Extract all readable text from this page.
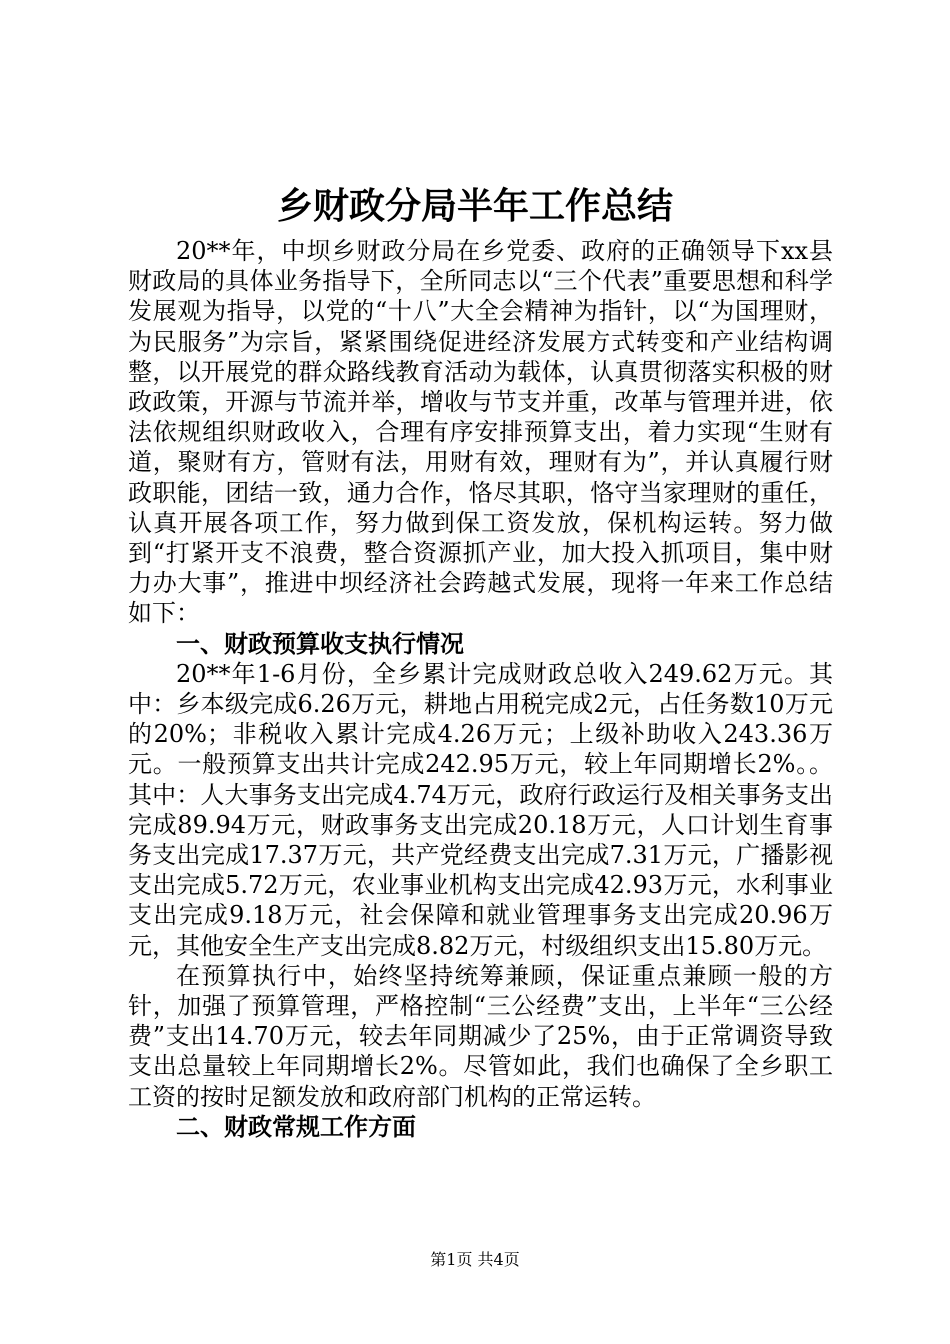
乡财政分局半年工作总结

20**年，中坝乡财政分局在乡党委、政府的正确领导下xx县财政局的具体业务指导下，全所同志以“三个代表”重要思想和科学发展观为指导，以党的“十八”大全会精神为指针，以“为国理财，为民服务”为宗旨，紧紧围绕促进经济发展方式转变和产业结构调整，以开展党的群众路线教育活动为载体，认真贯彻落实积极的财政政策，开源与节流并举，增收与节支并重，改革与管理并进，依法依规组织财政收入，合理有序安排预算支出，着力实现“生财有道，聚财有方，管财有法，用财有效，理财有为”，并认真履行财政职能，团结一致，通力合作，恪尽其职，恪守当家理财的重任，认真开展各项工作，努力做到保工资发放，保机构运转。努力做到“打紧开支不浪费，整合资源抓产业，加大投入抓项目，集中财力办大事”，推进中坝经济社会跨越式发展，现将一年来工作总结如下：

一、财政预算收支执行情况

20**年1-6月份，全乡累计完成财政总收入249.62万元。其中：乡本级完成6.26万元，耕地占用税完成2元，占任务数10万元的20%；非税收入累计完成4.26万元；上级补助收入243.36万元。一般预算支出共计完成242.95万元，较上年同期增长2%。。其中：人大事务支出完成4.74万元，政府行政运行及相关事务支出完成89.94万元，财政事务支出完成20.18万元，人口计划生育事务支出完成17.37万元，共产党经费支出完成7.31万元，广播影视支出完成5.72万元，农业事业机构支出完成42.93万元，水利事业支出完成9.18万元，社会保障和就业管理事务支出完成20.96万元，其他安全生产支出完成8.82万元，村级组织支出15.80万元。

在预算执行中，始终坚持统筹兼顾，保证重点兼顾一般的方针，加强了预算管理，严格控制“三公经费”支出，上半年“三公经费”支出14.70万元，较去年同期减少了25%，由于正常调资导致支出总量较上年同期增长2%。尽管如此，我们也确保了全乡职工工资的按时足额发放和政府部门机构的正常运转。

二、财政常规工作方面
第1页 共4页
